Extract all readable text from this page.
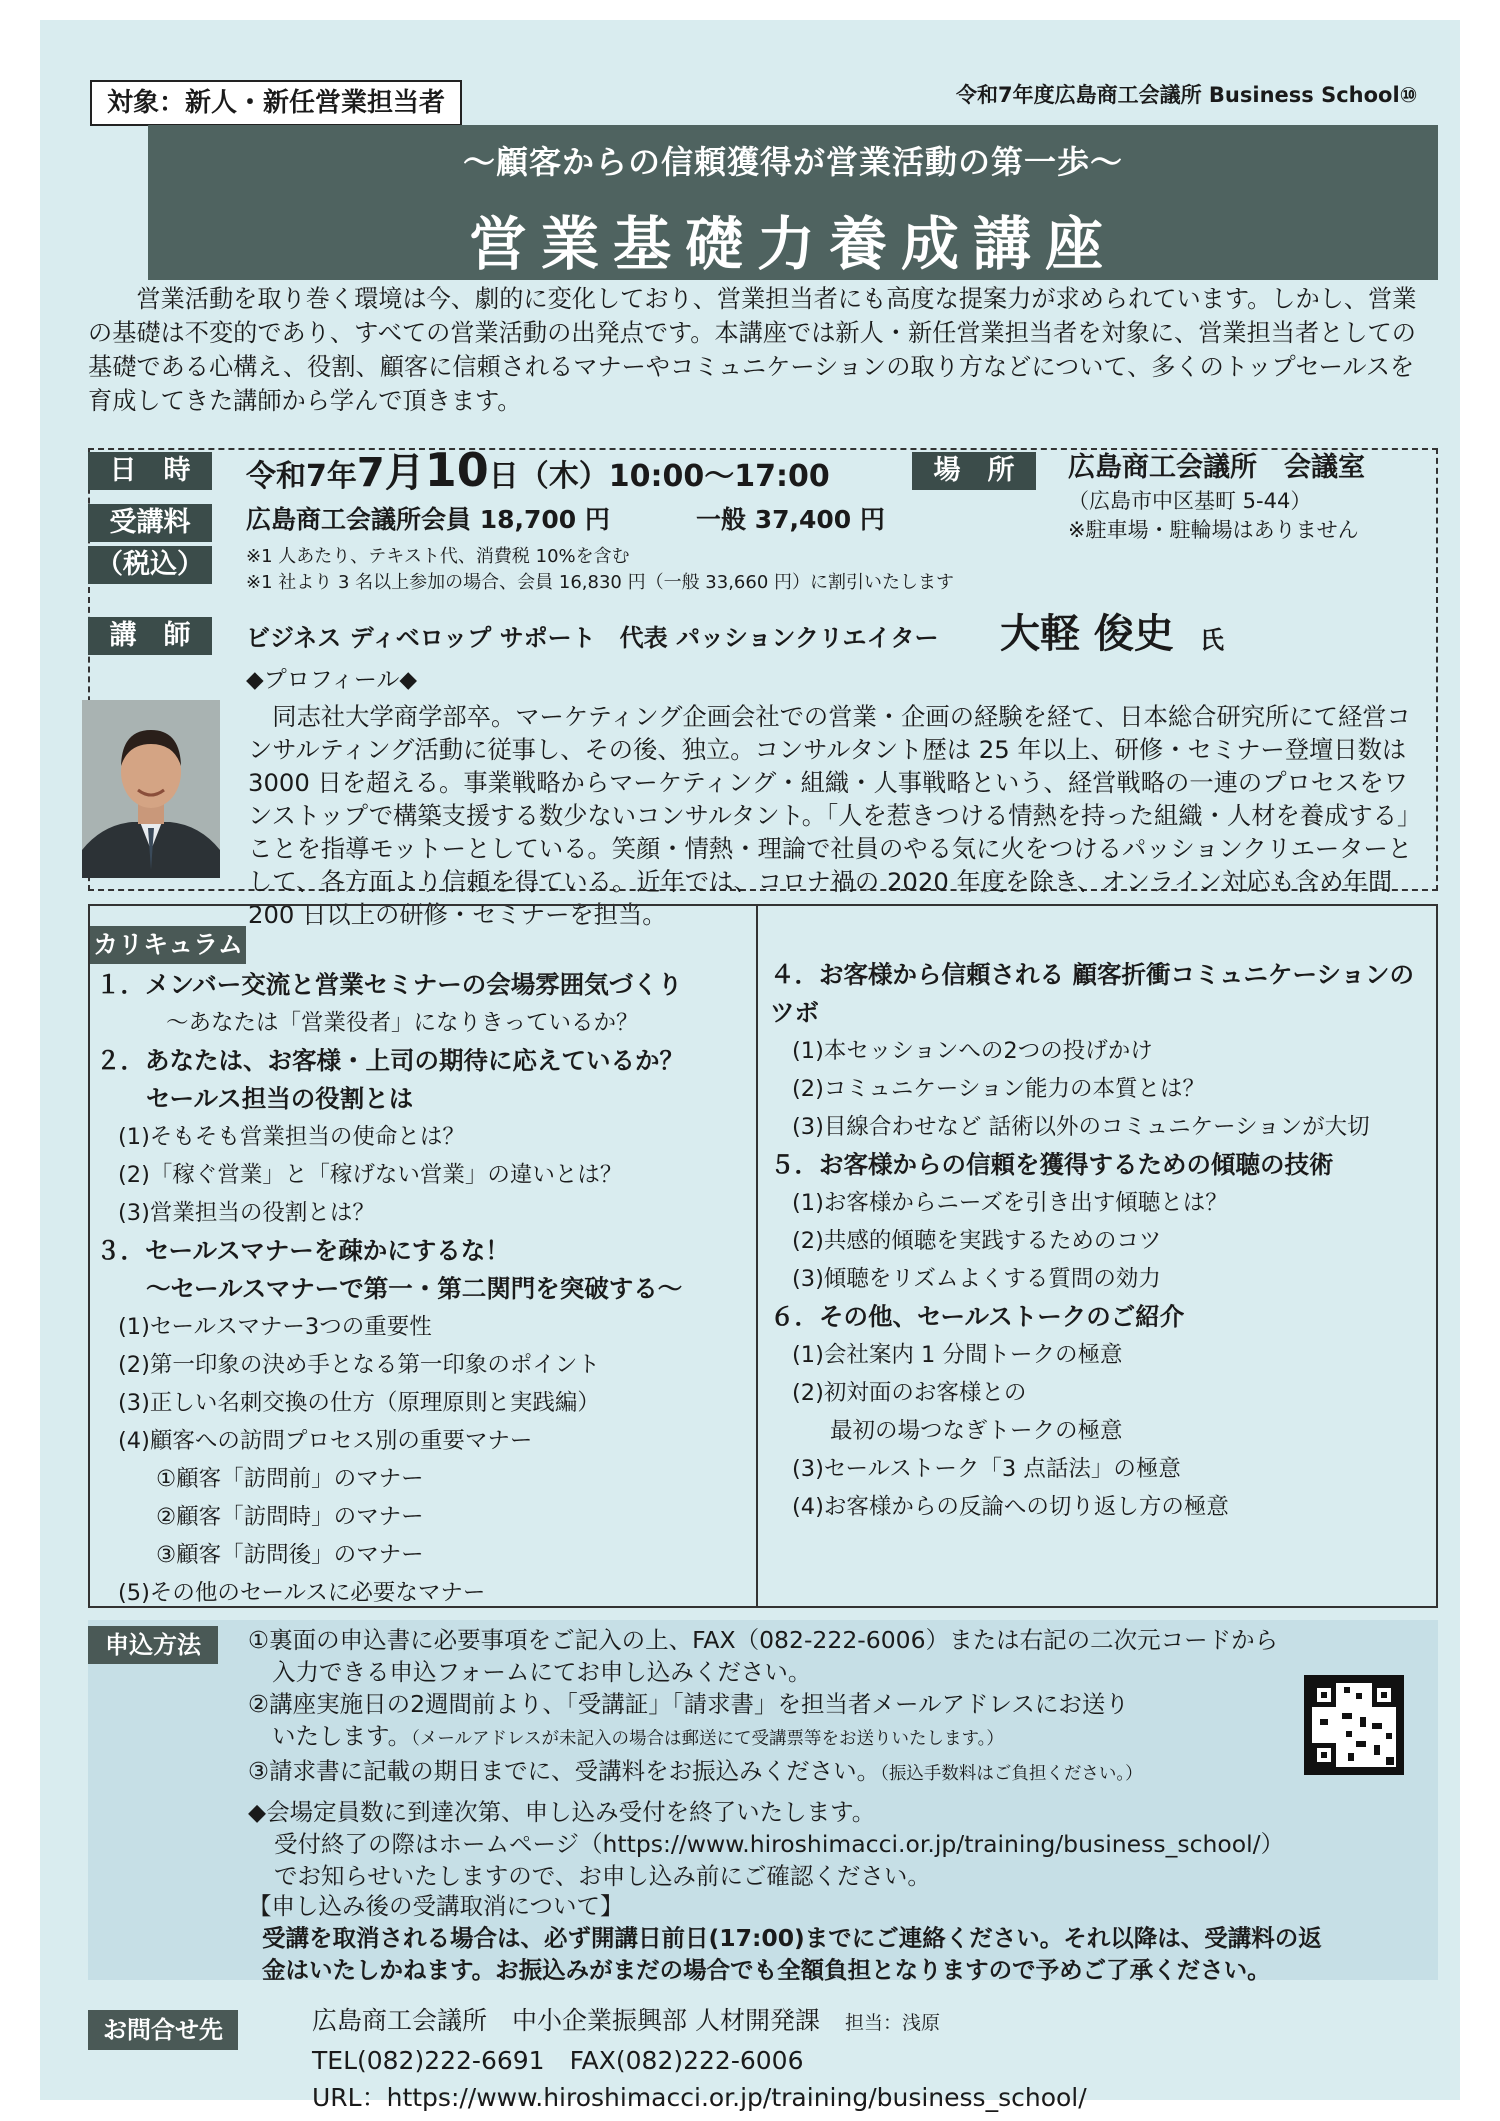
対象：新人・新任営業担当者	令和7年度広島商工会議所 Business School⑩
～顧客からの信頼獲得が営業活動の第一歩～
営業基礎力養成講座
営業活動を取り巻く環境は今、劇的に変化しており、営業担当者にも高度な提案力が求められています。しかし、営業の基礎は不変的であり、すべての営業活動の出発点です。本講座では新人・新任営業担当者を対象に、営業担当者としての基礎である心構え、役割、顧客に信頼されるマナーやコミュニケーションの取り方などについて、多くのトップセールスを育成してきた講師から学んで頂きます。
日　時	令和7年7月10日（木）10:00～17:00	場　所	広島商工会議所　会議室
（広島市中区基町 5-44）
※駐車場・駐輪場はありません
受講料
（税込）
広島商工会議所会員 18,700 円	一般 37,400 円
※1 人あたり、テキスト代、消費税 10%を含む
※1 社より 3 名以上参加の場合、会員 16,830 円（一般 33,660 円）に割引いたします
講　師	ビジネス ディベロップ サポート　代表 パッションクリエイター 大軽 俊史 氏
◆プロフィール◆
同志社大学商学部卒。マーケティング企画会社での営業・企画の経験を経て、日本総合研究所にて経営コンサルティング活動に従事し、その後、独立。コンサルタント歴は 25 年以上、研修・セミナー登壇日数は 3000 日を超える。事業戦略からマーケティング・組織・人事戦略という、経営戦略の一連のプロセスをワンストップで構築支援する数少ないコンサルタント。「人を惹きつける情熱を持った組織・人材を養成する」ことを指導モットーとしている。笑顔・情熱・理論で社員のやる気に火をつけるパッションクリエーターとして、各方面より信頼を得ている。近年では、コロナ禍の 2020 年度を除き、オンライン対応も含め年間 200 日以上の研修・セミナーを担当。
カリキュラム
１．メンバー交流と営業セミナーの会場雰囲気づくり
～あなたは「営業役者」になりきっているか？
２．あなたは、お客様・上司の期待に応えているか？
セールス担当の役割とは
(1)そもそも営業担当の使命とは？
(2)「稼ぐ営業」と「稼げない営業」の違いとは？
(3)営業担当の役割とは？
３．セールスマナーを疎かにするな！
～セールスマナーで第一・第二関門を突破する～
(1)セールスマナー3つの重要性
(2)第一印象の決め手となる第一印象のポイント
(3)正しい名刺交換の仕方（原理原則と実践編）
(4)顧客への訪問プロセス別の重要マナー
①顧客「訪問前」のマナー
②顧客「訪問時」のマナー
③顧客「訪問後」のマナー
(5)その他のセールスに必要なマナー
４．お客様から信頼される 顧客折衝コミュニケーションのツボ
(1)本セッションへの2つの投げかけ
(2)コミュニケーション能力の本質とは？
(3)目線合わせなど 話術以外のコミュニケーションが大切
５．お客様からの信頼を獲得するための傾聴の技術
(1)お客様からニーズを引き出す傾聴とは？
(2)共感的傾聴を実践するためのコツ
(3)傾聴をリズムよくする質問の効力
６．その他、セールストークのご紹介
(1)会社案内 1 分間トークの極意
(2)初対面のお客様との
最初の場つなぎトークの極意
(3)セールストーク「3 点話法」の極意
(4)お客様からの反論への切り返し方の極意
申込方法	①裏面の申込書に必要事項をご記入の上、FAX（082-222-6006）または右記の二次元コードから
入力できる申込フォームにてお申し込みください。
②講座実施日の2週間前より、「受講証」「請求書」を担当者メールアドレスにお送り
いたします。（メールアドレスが未記入の場合は郵送にて受講票等をお送りいたします。）
③請求書に記載の期日までに、受講料をお振込みください。（振込手数料はご負担ください。）
◆会場定員数に到達次第、申し込み受付を終了いたします。
受付終了の際はホームページ（https://www.hiroshimacci.or.jp/training/business_school/）
でお知らせいたしますので、お申し込み前にご確認ください。
【申し込み後の受講取消について】
受講を取消される場合は、必ず開講日前日(17:00)までにご連絡ください。それ以降は、受講料の返
金はいたしかねます。お振込みがまだの場合でも全額負担となりますので予めご了承ください。
お問合せ先	広島商工会議所　中小企業振興部 人材開発課　 担当：浅原
TEL(082)222-6691　FAX(082)222-6006
URL：https://www.hiroshimacci.or.jp/training/business_school/
